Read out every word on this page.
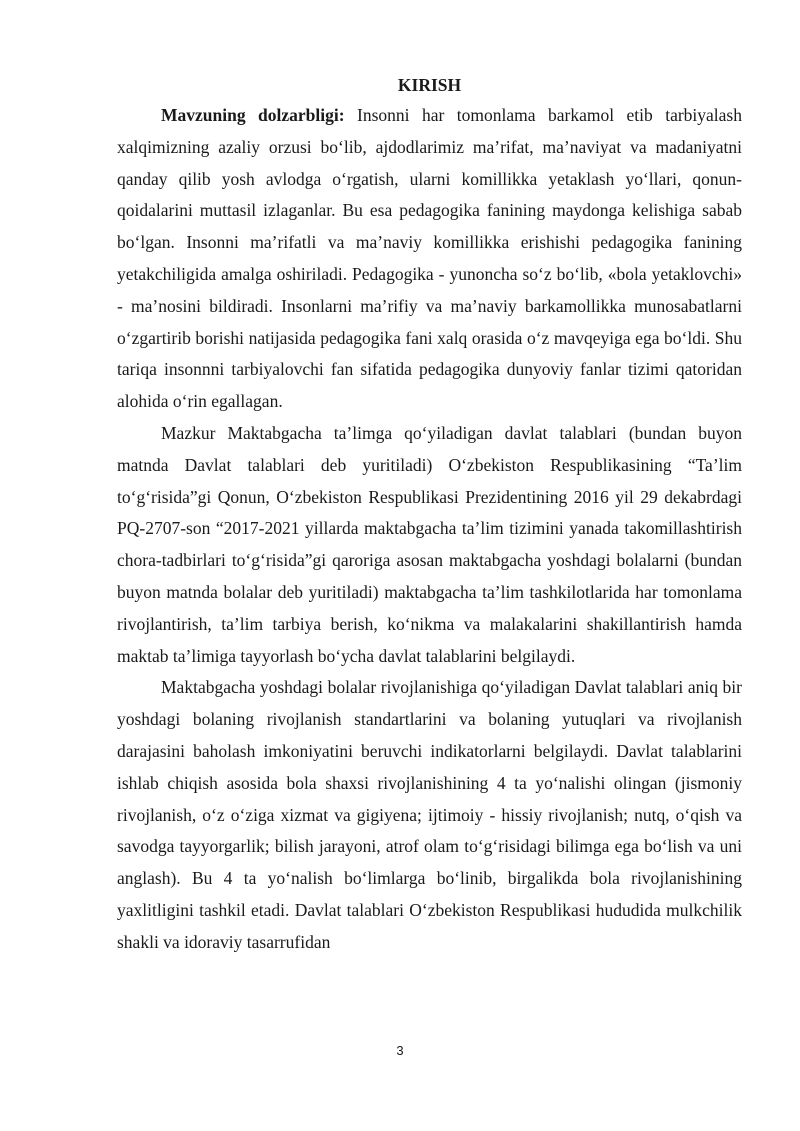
KIRISH

Mavzuning dolzarbligi: Insonni har tomonlama barkamol etib tarbiyalash xalqimizning azaliy orzusi bo‘lib, ajdodlarimiz ma’rifat, ma’naviyat va madaniyatni qanday qilib yosh avlodga o‘rgatish, ularni komillikka yetaklash yo‘llari, qonun-qoidalarini muttasil izlaganlar. Bu esa pedagogika fanining maydonga kelishiga sabab bo‘lgan. Insonni ma’rifatli va ma’naviy komillikka erishishi pedagogika fanining yetakchiligida amalga oshiriladi. Pedagogika - yunoncha so‘z bo‘lib, «bola yetaklovchi» - ma’nosini bildiradi. Insonlarni ma’rifiy va ma’naviy barkamollikka munosabatlarni o‘zgartirib borishi natijasida pedagogika fani xalq orasida o‘z mavqeyiga ega bo‘ldi. Shu tariqa insonnni tarbiyalovchi fan sifatida pedagogika dunyoviy fanlar tizimi qatoridan alohida o‘rin egallagan.

Mazkur Maktabgacha ta’limga qo‘yiladigan davlat talablari (bundan buyon matnda Davlat talablari deb yuritiladi) O‘zbekiston Respublikasining “Ta’lim to‘g‘risida”gi Qonun, O‘zbekiston Respublikasi Prezidentining 2016 yil 29 dekabrdagi PQ-2707-son “2017-2021 yillarda maktabgacha ta’lim tizimini yanada takomillashtirish chora-tadbirlari to‘g‘risida”gi qaroriga asosan maktabgacha yoshdagi bolalarni (bundan buyon matnda bolalar deb yuritiladi) maktabgacha ta’lim tashkilotlarida har tomonlama rivojlantirish, ta’lim tarbiya berish, ko‘nikma va malakalarini shakillantirish hamda maktab ta’limiga tayyorlash bo‘ycha davlat talablarini belgilaydi.

Maktabgacha yoshdagi bolalar rivojlanishiga qo‘yiladigan Davlat talablari aniq bir yoshdagi bolaning rivojlanish standartlarini va bolaning yutuqlari va rivojlanish darajasini baholash imkoniyatini beruvchi indikatorlarni belgilaydi. Davlat talablarini ishlab chiqish asosida bola shaxsi rivojlanishining 4 ta yo‘nalishi olingan (jismoniy rivojlanish, o‘z o‘ziga xizmat va gigiyena; ijtimoiy - hissiy rivojlanish; nutq, o‘qish va savodga tayyorgarlik; bilish jarayoni, atrof olam to‘g‘risidagi bilimga ega bo‘lish va uni anglash). Bu 4 ta yo‘nalish bo‘limlarga bo‘linib, birgalikda bola rivojlanishining yaxlitligini tashkil etadi. Davlat talablari O‘zbekiston Respublikasi hududida mulkchilik shakli va idoraviy tasarrufidan

3
